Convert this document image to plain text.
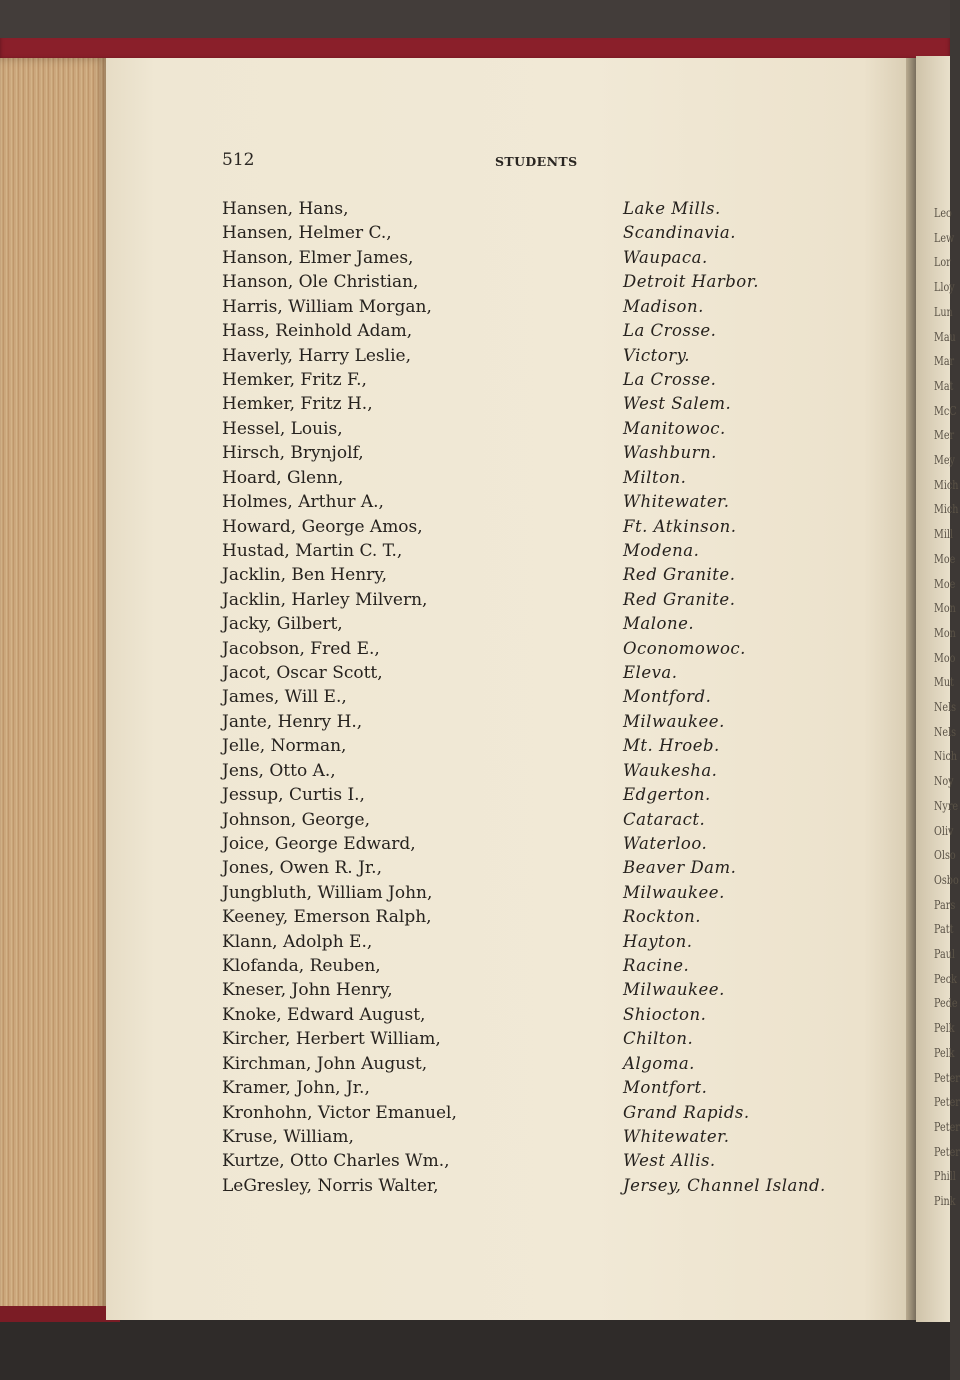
Leo
Lew
Lor
Lloy
Lun
Mau
Mar
Mat
McC
Mer
Mey
Mich
Mich
Mill
Moe
Moe
Mon
Mon
Moo
Mut
Nels
Nels
Nich
Noy
Nyre
Oliv
Olso
Osbo
Pars
Patt
Paul
Peck
Pede
Pelk
Pelk
Peter
Peter
Peter
Peter
Phill
Pink
512	STUDENTS
Hansen, Hans,	Lake Mills.
Hansen, Helmer C.,	Scandinavia.
Hanson, Elmer James,	Waupaca.
Hanson, Ole Christian,	Detroit Harbor.
Harris, William Morgan,	Madison.
Hass, Reinhold Adam,	La Crosse.
Haverly, Harry Leslie,	Victory.
Hemker, Fritz F.,	La Crosse.
Hemker, Fritz H.,	West Salem.
Hessel, Louis,	Manitowoc.
Hirsch, Brynjolf,	Washburn.
Hoard, Glenn,	Milton.
Holmes, Arthur A.,	Whitewater.
Howard, George Amos,	Ft. Atkinson.
Hustad, Martin C. T.,	Modena.
Jacklin, Ben Henry,	Red Granite.
Jacklin, Harley Milvern,	Red Granite.
Jacky, Gilbert,	Malone.
Jacobson, Fred E.,	Oconomowoc.
Jacot, Oscar Scott,	Eleva.
James, Will E.,	Montford.
Jante, Henry H.,	Milwaukee.
Jelle, Norman,	Mt. Hroeb.
Jens, Otto A.,	Waukesha.
Jessup, Curtis I.,	Edgerton.
Johnson, George,	Cataract.
Joice, George Edward,	Waterloo.
Jones, Owen R. Jr.,	Beaver Dam.
Jungbluth, William John,	Milwaukee.
Keeney, Emerson Ralph,	Rockton.
Klann, Adolph E.,	Hayton.
Klofanda, Reuben,	Racine.
Kneser, John Henry,	Milwaukee.
Knoke, Edward August,	Shiocton.
Kircher, Herbert William,	Chilton.
Kirchman, John August,	Algoma.
Kramer, John, Jr.,	Montfort.
Kronhohn, Victor Emanuel,	Grand Rapids.
Kruse, William,	Whitewater.
Kurtze, Otto Charles Wm.,	West Allis.
LeGresley, Norris Walter,	Jersey, Channel Island.
